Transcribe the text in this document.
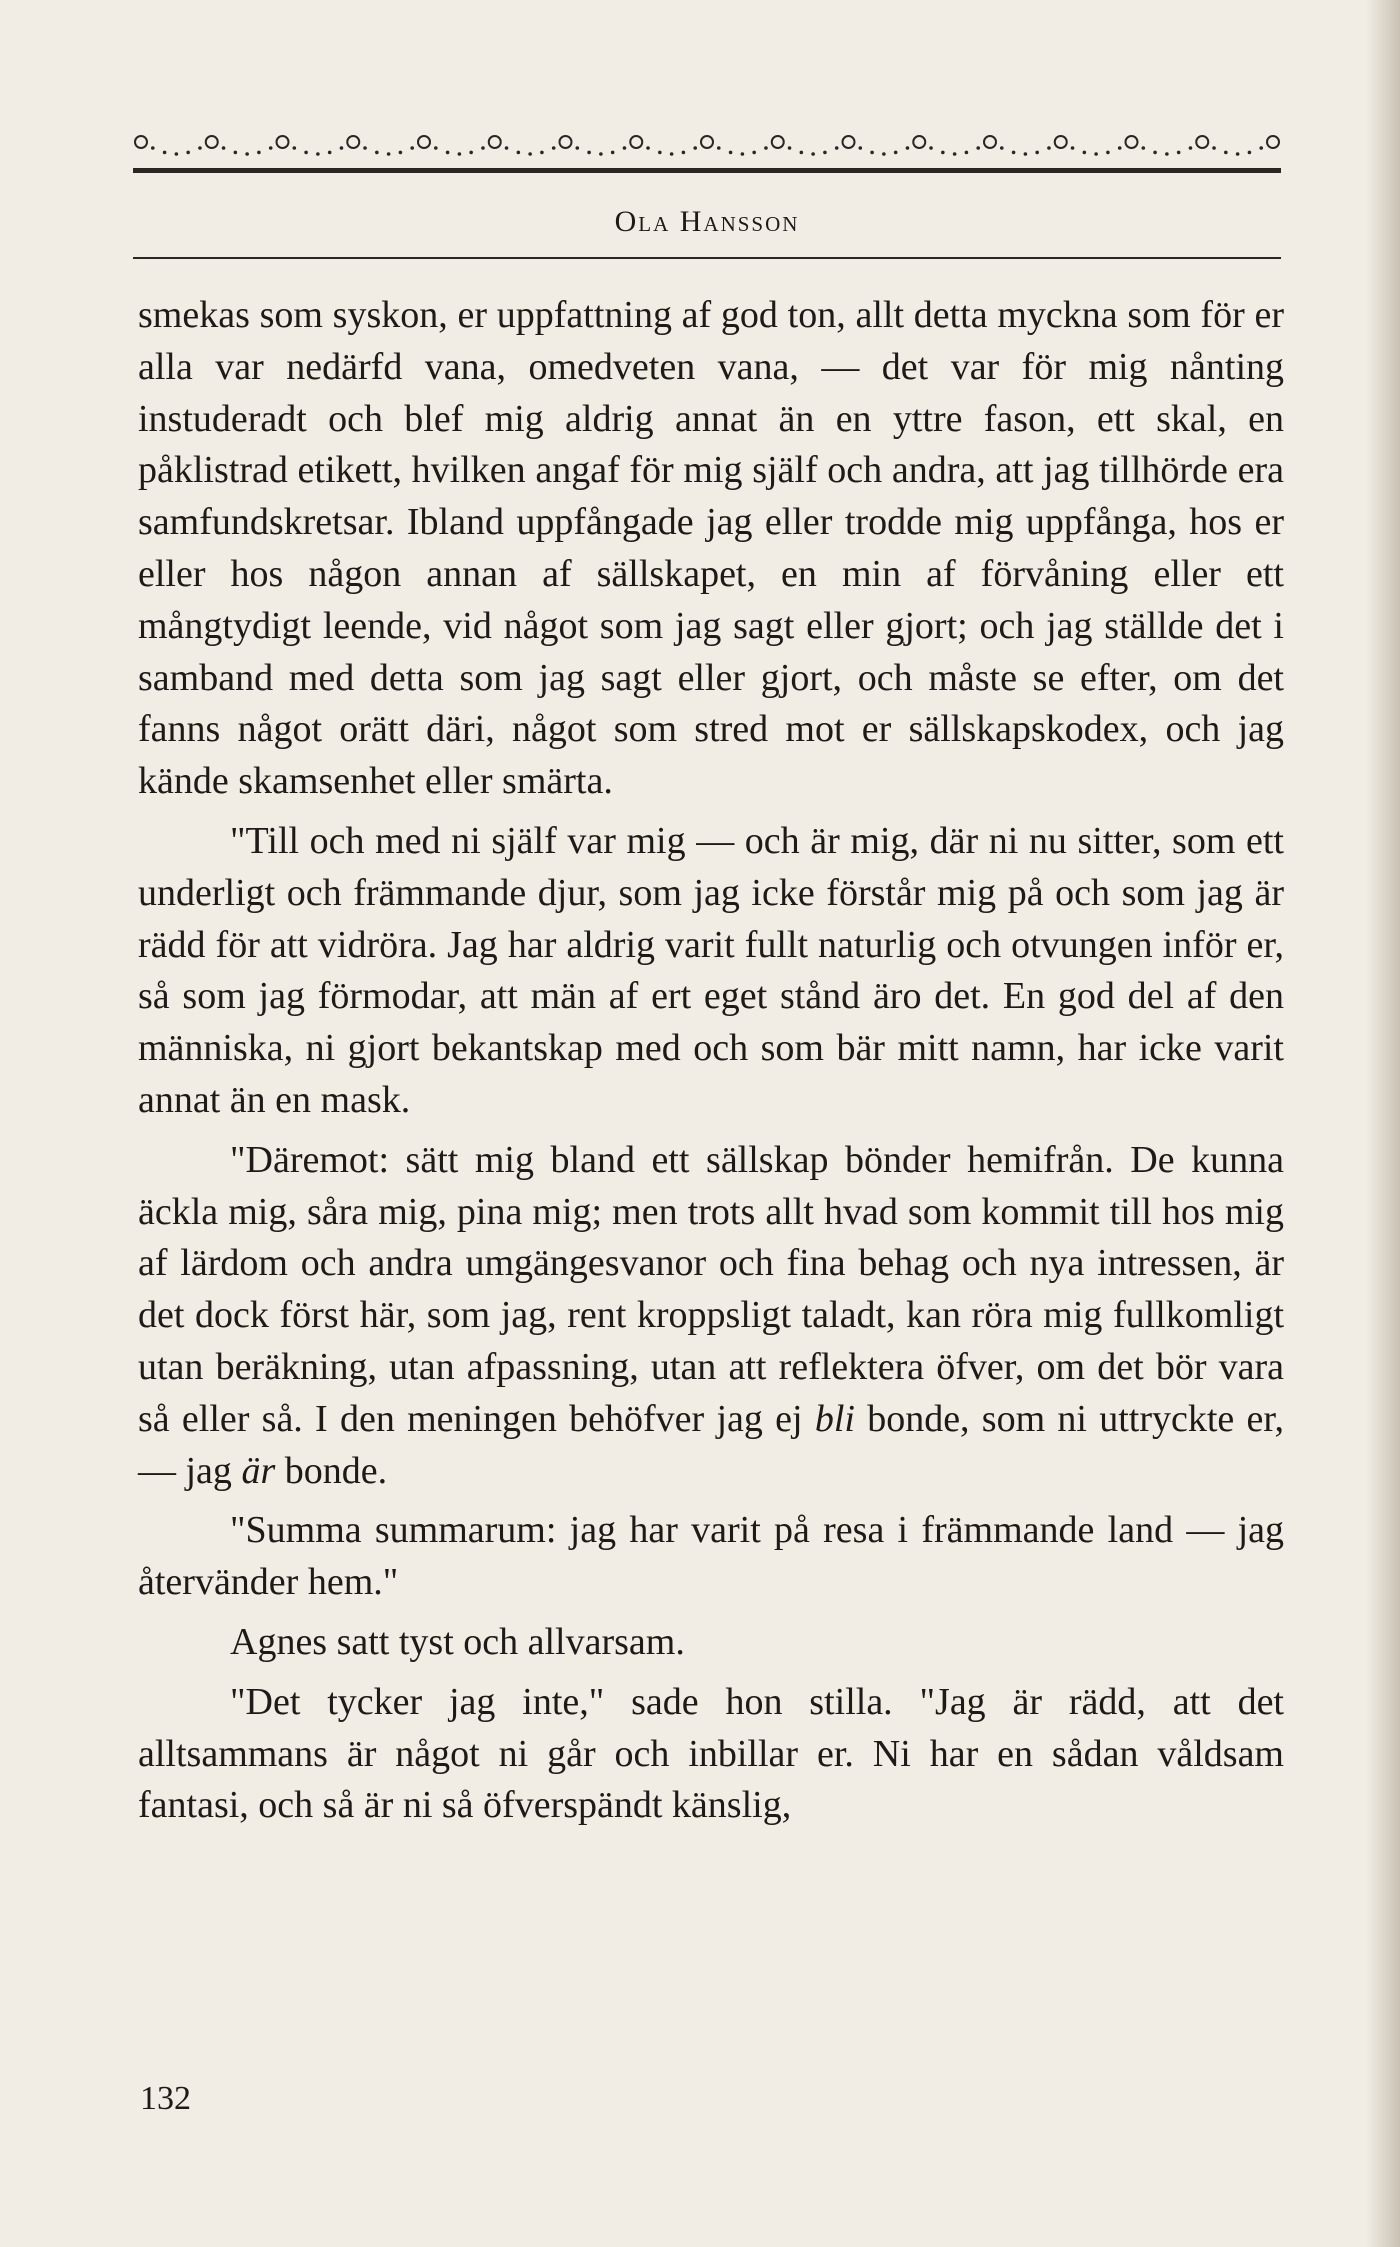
Ola Hansson

smekas som syskon, er uppfattning af god ton, allt detta myckna som för er alla var nedärfd vana, omedveten vana, — det var för mig nånting instuderadt och blef mig aldrig annat än en yttre fason, ett skal, en påklistrad etikett, hvilken angaf för mig själf och andra, att jag tillhörde era samfundskretsar. Ibland uppfångade jag eller trodde mig uppfånga, hos er eller hos någon annan af sällskapet, en min af förvåning eller ett mångtydigt leende, vid något som jag sagt eller gjort; och jag ställde det i samband med detta som jag sagt eller gjort, och måste se efter, om det fanns något orätt däri, något som stred mot er sällskapskodex, och jag kände skamsenhet eller smärta.

"Till och med ni själf var mig — och är mig, där ni nu sitter, som ett underligt och främmande djur, som jag icke förstår mig på och som jag är rädd för att vidröra. Jag har aldrig varit fullt naturlig och otvungen inför er, så som jag förmodar, att män af ert eget stånd äro det. En god del af den människa, ni gjort bekantskap med och som bär mitt namn, har icke varit annat än en mask.

"Däremot: sätt mig bland ett sällskap bönder hemifrån. De kunna äckla mig, såra mig, pina mig; men trots allt hvad som kommit till hos mig af lärdom och andra umgängesvanor och fina behag och nya intressen, är det dock först här, som jag, rent kroppsligt taladt, kan röra mig fullkomligt utan beräkning, utan afpassning, utan att reflektera öfver, om det bör vara så eller så. I den meningen behöfver jag ej bli bonde, som ni uttryckte er, — jag är bonde.

"Summa summarum: jag har varit på resa i främmande land — jag återvänder hem."

Agnes satt tyst och allvarsam.

"Det tycker jag inte," sade hon stilla. "Jag är rädd, att det alltsammans är något ni går och inbillar er. Ni har en sådan våldsam fantasi, och så är ni så öfverspändt känslig,

132
